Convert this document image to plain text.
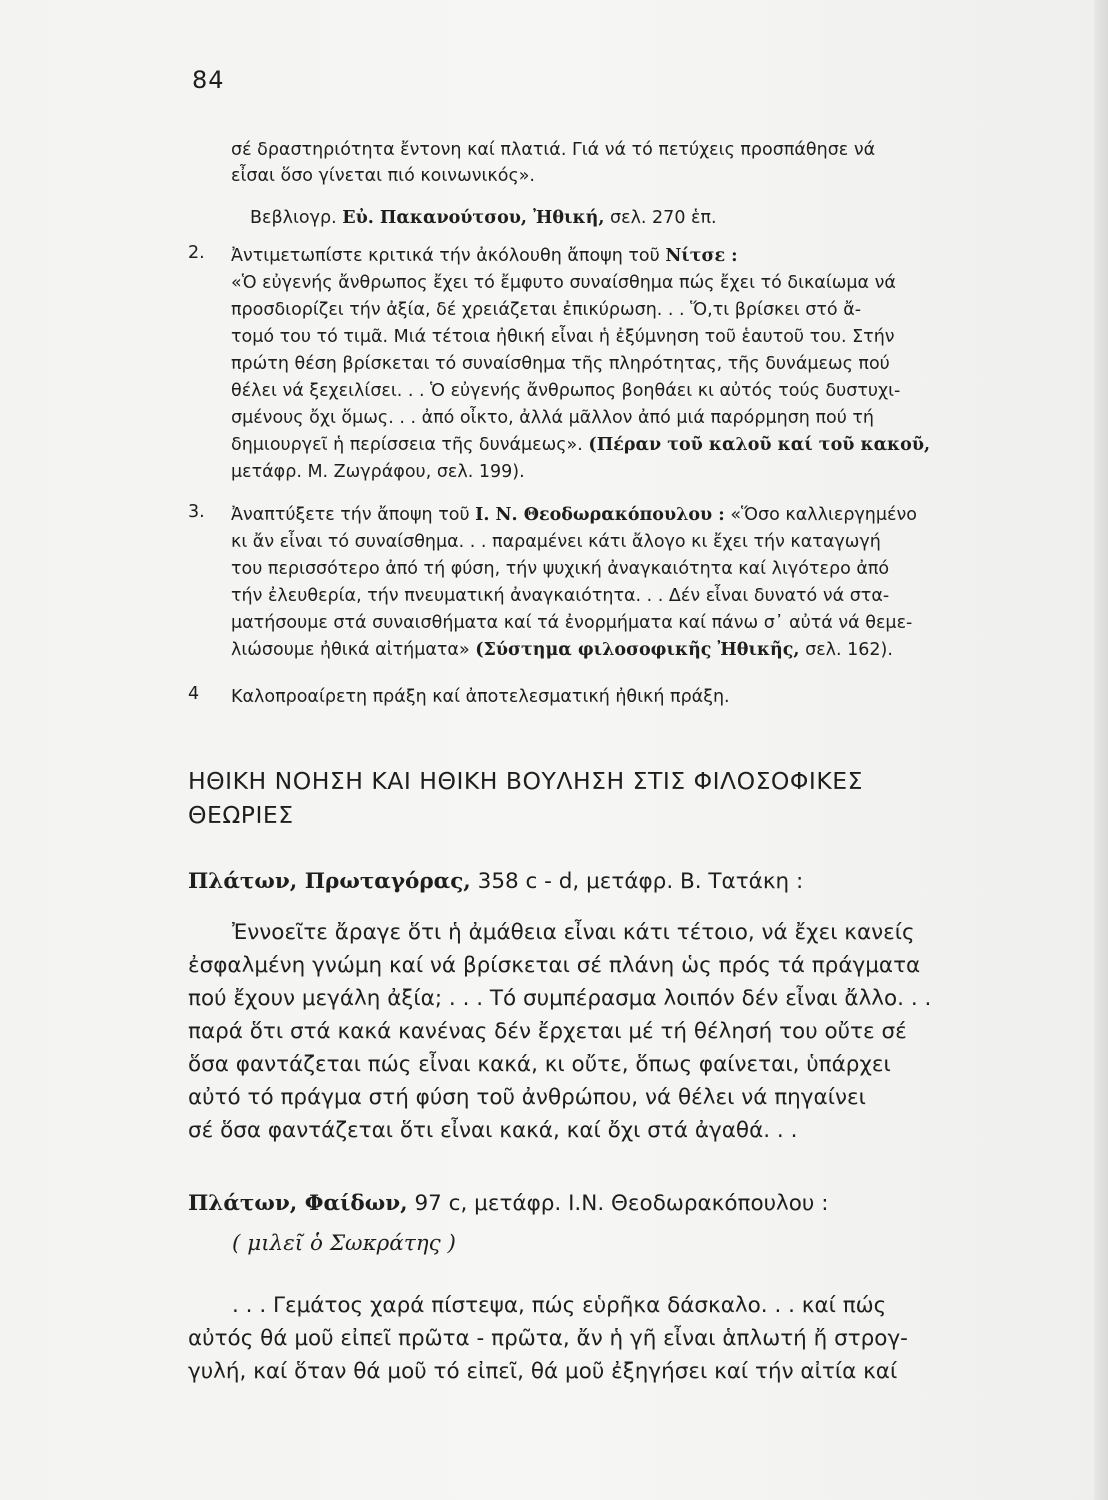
84
σέ δραστηριότητα ἔντονη καί πλατιά. Γιά νά τό πετύχεις προσπάθησε νά
εἶσαι ὅσο γίνεται πιό κοινωνικός».
Βεβλιογρ. Εὐ. Πακανούτσου, Ἠθική, σελ. 270 ἑπ.
2. Ἀντιμετωπίστε κριτικά τήν ἀκόλουθη ἄποψη τοῦ Νίτσε :
«Ὁ εὐγενής ἄνθρωπος ἔχει τό ἔμφυτο συναίσθημα πώς ἔχει τό δικαίωμα νά
προσδιορίζει τήν ἀξία, δέ χρειάζεται ἐπικύρωση. . . Ὅ,τι βρίσκει στό ἄ-
τομό του τό τιμᾶ. Μιά τέτοια ἠθική εἶναι ἡ ἐξύμνηση τοῦ ἑαυτοῦ του. Στήν
πρώτη θέση βρίσκεται τό συναίσθημα τῆς πληρότητας, τῆς δυνάμεως πού
θέλει νά ξεχειλίσει. . . Ὁ εὐγενής ἄνθρωπος βοηθάει κι αὐτός τούς δυστυχι-
σμένους ὄχι ὅμως. . . ἀπό οἶκτο, ἀλλά μᾶλλον ἀπό μιά παρόρμηση πού τή
δημιουργεῖ ἡ περίσσεια τῆς δυνάμεως». (Πέραν τοῦ καλοῦ καί τοῦ κακοῦ,
μετάφρ. Μ. Ζωγράφου, σελ. 199).
3. Ἀναπτύξετε τήν ἄποψη τοῦ Ι. Ν. Θεοδωρακόπουλου : «Ὅσο καλλιεργημένο
κι ἄν εἶναι τό συναίσθημα. . . παραμένει κάτι ἄλογο κι ἔχει τήν καταγωγή
του περισσότερο ἀπό τή φύση, τήν ψυχική ἀναγκαιότητα καί λιγότερο ἀπό
τήν ἐλευθερία, τήν πνευματική ἀναγκαιότητα. . . Δέν εἶναι δυνατό νά στα-
ματήσουμε στά συναισθήματα καί τά ἐνορμήματα καί πάνω σ᾿ αὐτά νά θεμε-
λιώσουμε ἠθικά αἰτήματα» (Σύστημα φιλοσοφικῆς Ἠθικῆς, σελ. 162).
4 Καλοπροαίρετη πράξη καί ἀποτελεσματική ἠθική πράξη.
ΗΘΙΚΗ ΝΟΗΣΗ ΚΑΙ ΗΘΙΚΗ ΒΟΥΛΗΣΗ ΣΤΙΣ ΦΙΛΟΣΟΦΙΚΕΣ
ΘΕΩΡΙΕΣ
Πλάτων, Πρωταγόρας, 358 c - d, μετάφρ. Β. Τατάκη :
Ἐννοεῖτε ἄραγε ὅτι ἡ ἀμάθεια εἶναι κάτι τέτοιο, νά ἔχει κανείς
ἐσφαλμένη γνώμη καί νά βρίσκεται σέ πλάνη ὡς πρός τά πράγματα
πού ἔχουν μεγάλη ἀξία; . . . Τό συμπέρασμα λοιπόν δέν εἶναι ἄλλο. . .
παρά ὅτι στά κακά κανένας δέν ἔρχεται μέ τή θέλησή του οὔτε σέ
ὅσα φαντάζεται πώς εἶναι κακά, κι οὔτε, ὅπως φαίνεται, ὑπάρχει
αὐτό τό πράγμα στή φύση τοῦ ἀνθρώπου, νά θέλει νά πηγαίνει
σέ ὅσα φαντάζεται ὅτι εἶναι κακά, καί ὄχι στά ἀγαθά. . .
Πλάτων, Φαίδων, 97 c, μετάφρ. Ι.Ν. Θεοδωρακόπουλου :
( μιλεῖ ὁ Σωκράτης )
. . . Γεμάτος χαρά πίστεψα, πώς εὑρῆκα δάσκαλο. . . καί πώς
αὐτός θά μοῦ εἰπεῖ πρῶτα - πρῶτα, ἄν ἡ γῆ εἶναι ἁπλωτή ἤ στρογ-
γυλή, καί ὅταν θά μοῦ τό εἰπεῖ, θά μοῦ ἐξηγήσει καί τήν αἰτία καί
